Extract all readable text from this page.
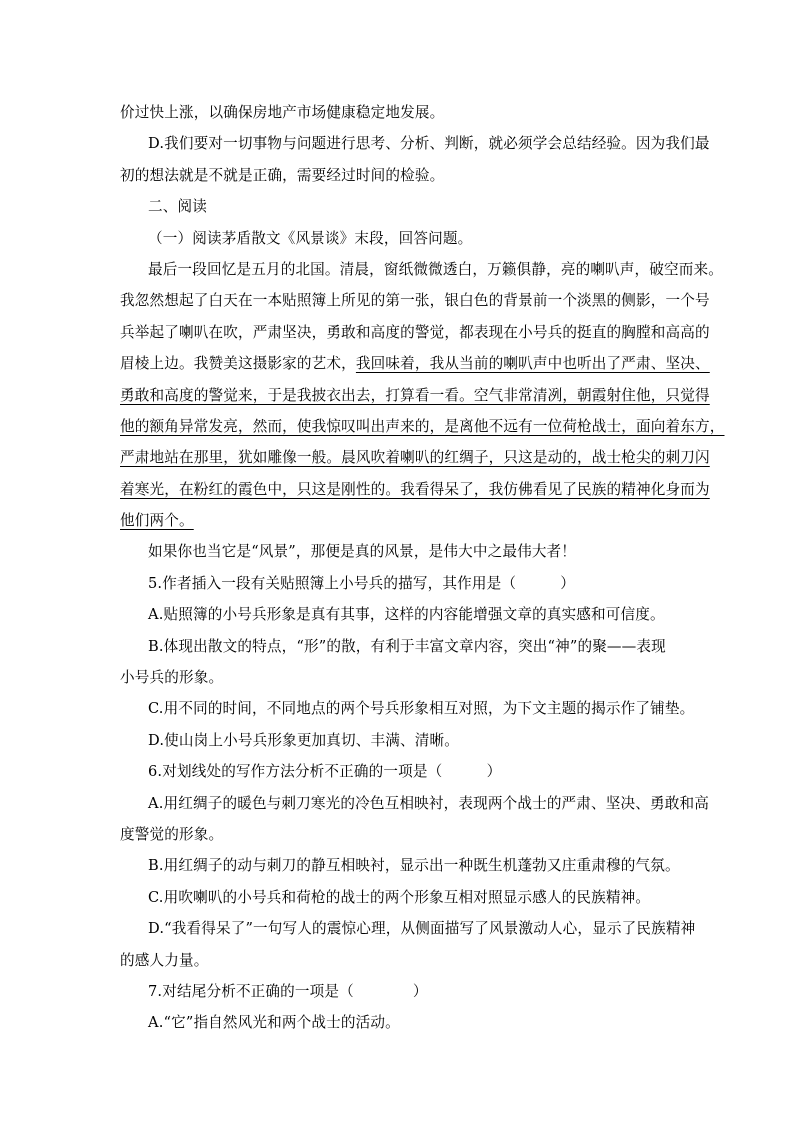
价过快上涨，以确保房地产市场健康稳定地发展。
D.我们要对一切事物与问题进行思考、分析、判断，就必须学会总结经验。因为我们最
初的想法就是不就是正确，需要经过时间的检验。
二、阅读
（一）阅读茅盾散文《风景谈》末段，回答问题。
最后一段回忆是五月的北国。清晨，窗纸微微透白，万籁俱静，亮的喇叭声，破空而来。
我忽然想起了白天在一本贴照簿上所见的第一张，银白色的背景前一个淡黑的侧影，一个号
兵举起了喇叭在吹，严肃坚决，勇敢和高度的警觉，都表现在小号兵的挺直的胸膛和高高的
眉棱上边。我赞美这摄影家的艺术，我回味着，我从当前的喇叭声中也听出了严肃、坚决、
勇敢和高度的警觉来，于是我披衣出去，打算看一看。空气非常清冽，朝霞射住他，只觉得
他的额角异常发亮，然而，使我惊叹叫出声来的，是离他不远有一位荷枪战士，面向着东方，
严肃地站在那里，犹如雕像一般。晨风吹着喇叭的红绸子，只这是动的，战士枪尖的刺刀闪
着寒光，在粉红的霞色中，只这是刚性的。我看得呆了，我仿佛看见了民族的精神化身而为
他们两个。
如果你也当它是“风景”，那便是真的风景，是伟大中之最伟大者！
5.作者插入一段有关贴照簿上小号兵的描写，其作用是（　　　）
A.贴照簿的小号兵形象是真有其事，这样的内容能增强文章的真实感和可信度。
B.体现出散文的特点，“形”的散，有利于丰富文章内容，突出“神”的聚——表现
小号兵的形象。
C.用不同的时间，不同地点的两个号兵形象相互对照，为下文主题的揭示作了铺垫。
D.使山岗上小号兵形象更加真切、丰满、清晰。
6.对划线处的写作方法分析不正确的一项是（　　　）
A.用红绸子的暖色与刺刀寒光的冷色互相映衬，表现两个战士的严肃、坚决、勇敢和高
度警觉的形象。
B.用红绸子的动与刺刀的静互相映衬，显示出一种既生机蓬勃又庄重肃穆的气氛。
C.用吹喇叭的小号兵和荷枪的战士的两个形象互相对照显示感人的民族精神。
D.“我看得呆了”一句写人的震惊心理，从侧面描写了风景激动人心，显示了民族精神
的感人力量。
7.对结尾分析不正确的一项是（　　　　）
A.“它”指自然风光和两个战士的活动。
